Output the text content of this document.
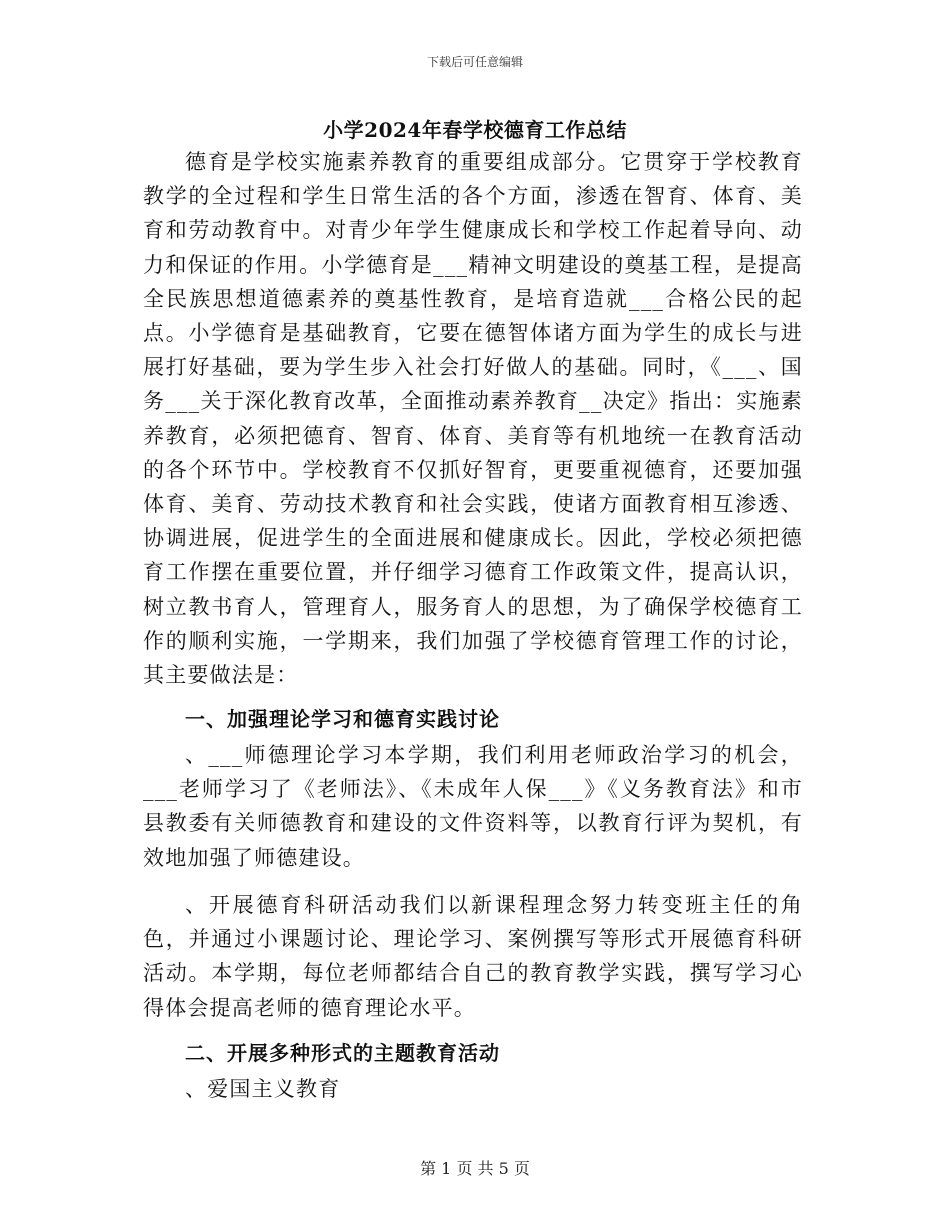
下载后可任意编辑
小学2024年春学校德育工作总结

德育是学校实施素养教育的重要组成部分。它贯穿于学校教育教学的全过程和学生日常生活的各个方面，渗透在智育、体育、美育和劳动教育中。对青少年学生健康成长和学校工作起着导向、动力和保证的作用。小学德育是___精神文明建设的奠基工程，是提高全民族思想道德素养的奠基性教育，是培育造就___合格公民的起点。小学德育是基础教育，它要在德智体诸方面为学生的成长与进展打好基础，要为学生步入社会打好做人的基础。同时，《___、国务___关于深化教育改革，全面推动素养教育__决定》指出：实施素养教育，必须把德育、智育、体育、美育等有机地统一在教育活动的各个环节中。学校教育不仅抓好智育，更要重视德育，还要加强体育、美育、劳动技术教育和社会实践，使诸方面教育相互渗透、协调进展，促进学生的全面进展和健康成长。因此，学校必须把德育工作摆在重要位置，并仔细学习德育工作政策文件，提高认识，树立教书育人，管理育人，服务育人的思想，为了确保学校德育工作的顺利实施，一学期来，我们加强了学校德育管理工作的讨论，其主要做法是：

一、加强理论学习和德育实践讨论

、___师德理论学习本学期，我们利用老师政治学习的机会，___老师学习了《老师法》、《未成年人保___》《义务教育法》和市县教委有关师德教育和建设的文件资料等，以教育行评为契机，有效地加强了师德建设。

、开展德育科研活动我们以新课程理念努力转变班主任的角色，并通过小课题讨论、理论学习、案例撰写等形式开展德育科研活动。本学期，每位老师都结合自己的教育教学实践，撰写学习心得体会提高老师的德育理论水平。

二、开展多种形式的主题教育活动

、爱国主义教育

第 1 页 共 5 页
